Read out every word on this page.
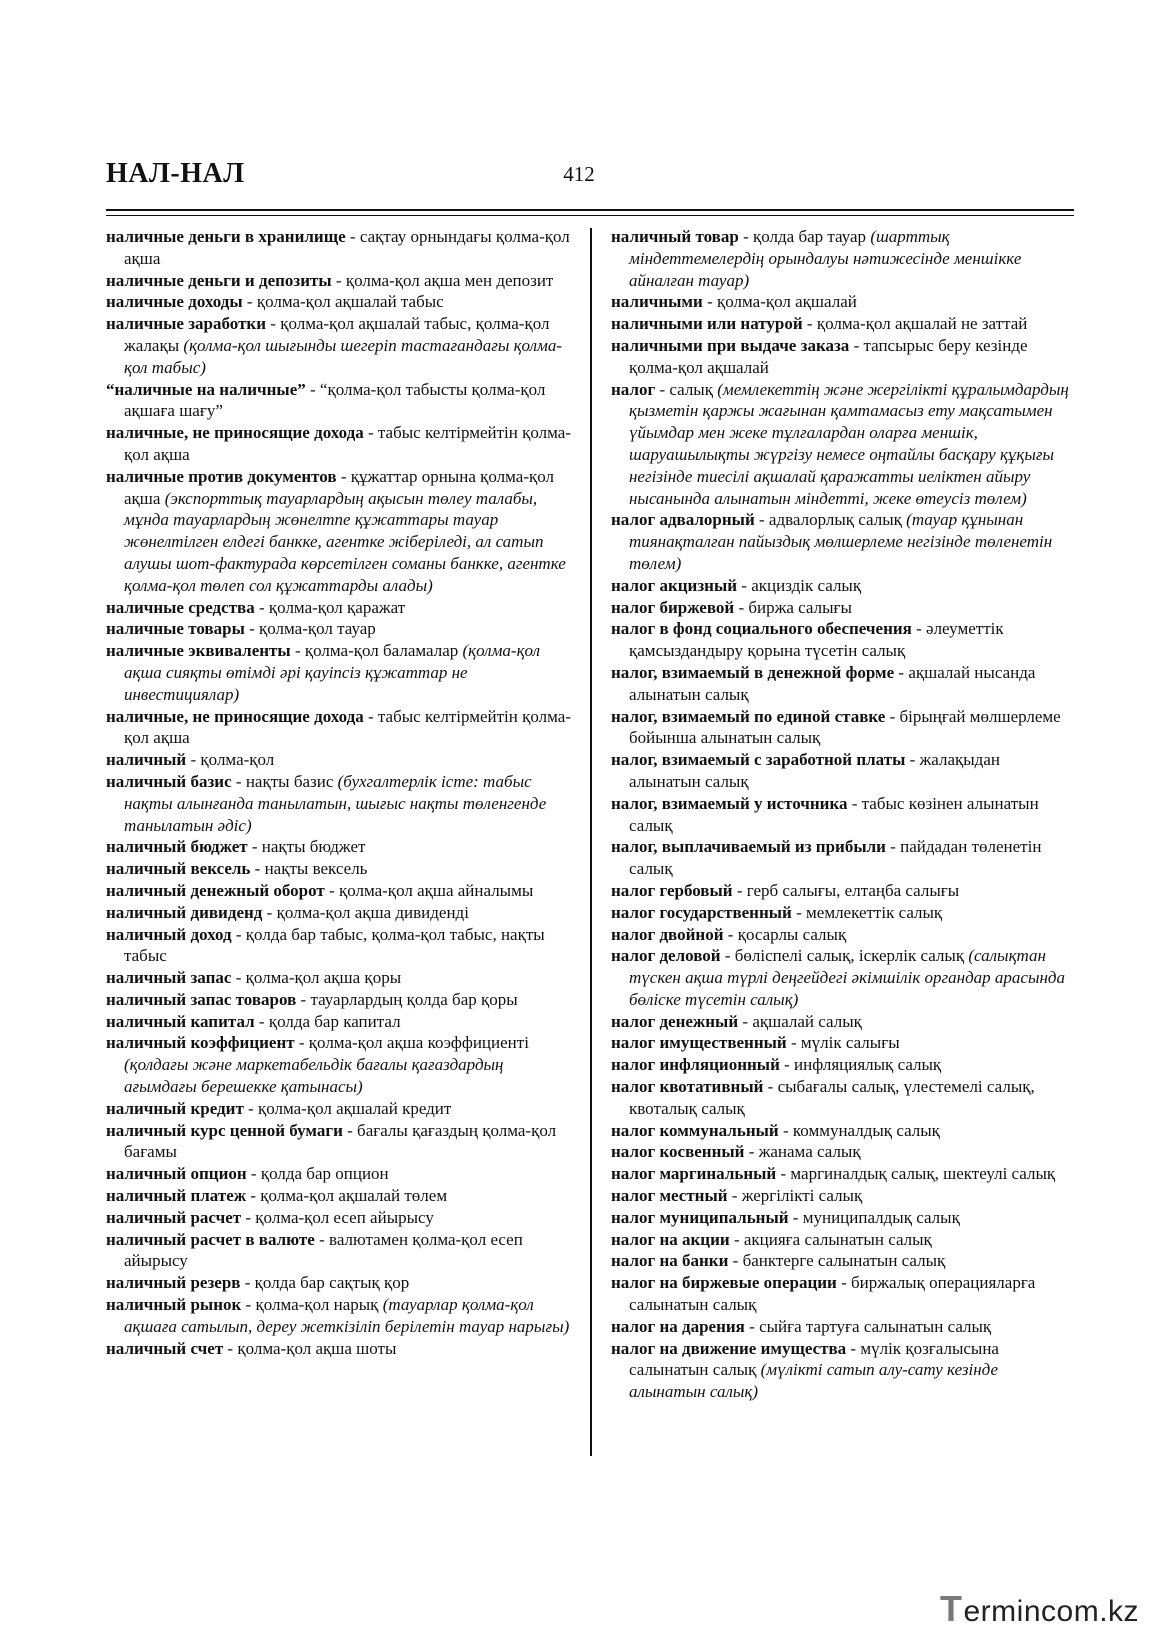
НАЛ-НАЛ	412

наличные деньги в хранилище - сақтау орнындағы қолма-қол ақша

наличные деньги и депозиты - қолма-қол ақша мен депозит

наличные доходы - қолма-қол ақшалай табыс

наличные заработки - қолма-қол ақшалай табыс, қолма-қол жалақы (қолма-қол шығынды шегеріп тастағандағы қолма-қол табыс)

“наличные на наличные” - “қолма-қол табысты қолма-қол ақшаға шағу”

наличные, не приносящие дохода - табыс келтірмейтін қолма-қол ақша

наличные против документов - құжаттар орнына қолма-қол ақша (экспорттық тауарлардың ақысын төлеу талабы, мұнда тауарлардың жөнелтпе құжаттары тауар жөнелтілген елдегі банкке, агентке жіберіледі, ал сатып алушы шот-фактурада көрсетілген соманы банкке, агентке қолма-қол төлеп сол құжаттарды алады)

наличные средства - қолма-қол қаражат

наличные товары - қолма-қол тауар

наличные эквиваленты - қолма-қол баламалар (қолма-қол ақша сияқты өтімді әрі қауіпсіз құжаттар не инвестициялар)

наличные, не приносящие дохода - табыс келтірмейтін қолма-қол ақша

наличный - қолма-қол

наличный базис - нақты базис (бухгалтерлік істе: табыс нақты алынғанда танылатын, шығыс нақты төленгенде танылатын әдіс)

наличный бюджет - нақты бюджет

наличный вексель - нақты вексель

наличный денежный оборот - қолма-қол ақша айналымы

наличный дивиденд - қолма-қол ақша дивиденді

наличный доход - қолда бар табыс, қолма-қол табыс, нақты табыс

наличный запас - қолма-қол ақша қоры

наличный запас товаров - тауарлардың қолда бар қоры

наличный капитал - қолда бар капитал

наличный коэффициент - қолма-қол ақша коэффициенті (қолдағы және маркетабельдік бағалы қағаздардың ағымдағы берешекке қатынасы)

наличный кредит - қолма-қол ақшалай кредит

наличный курс ценной бумаги - бағалы қағаздың қолма-қол бағамы

наличный опцион - қолда бар опцион

наличный платеж - қолма-қол ақшалай төлем

наличный расчет - қолма-қол есеп айырысу

наличный расчет в валюте - валютамен қолма-қол есеп айырысу

наличный резерв - қолда бар сақтық қор

наличный рынок - қолма-қол нарық (тауарлар қолма-қол ақшаға сатылып, дереу жеткізіліп берілетін тауар нарығы)

наличный счет - қолма-қол ақша шоты

наличный товар - қолда бар тауар (шарттық міндеттемелердің орындалуы нәтижесінде меншікке айналған тауар)

наличными - қолма-қол ақшалай

наличными или натурой - қолма-қол ақшалай не заттай

наличными при выдаче заказа - тапсырыс беру кезінде қолма-қол ақшалай

налог - салық (мемлекеттің және жергілікті құралымдардың қызметін қаржы жағынан қамтамасыз ету мақсатымен үйымдар мен жеке тұлғалардан оларға меншік, шаруашылықты жүргізу немесе оңтайлы басқару құқығы негізінде тиесілі ақшалай қаражатты иеліктен айыру нысанында алынатын міндетті, жеке өтеусіз төлем)

налог адвалорный - адвалорлық салық (тауар құнынан тиянақталған пайыздық мөлшерлеме негізінде төленетін төлем)

налог акцизный - акциздік салық

налог биржевой - биржа салығы

налог в фонд социального обеспечения - әлеуметтік қамсыздандыру қорына түсетін салық

налог, взимаемый в денежной форме - ақшалай нысанда алынатын салық

налог, взимаемый по единой ставке - бірыңғай мөлшерлеме бойынша алынатын салық

налог, взимаемый с заработной платы - жалақыдан алынатын салық

налог, взимаемый у источника - табыс көзінен алынатын салық

налог, выплачиваемый из прибыли - пайдадан төленетін салық

налог гербовый - герб салығы, елтаңба салығы

налог государственный - мемлекеттік салық

налог двойной - қосарлы салық

налог деловой - бөліспелі салық, іскерлік салық (салықтан түскен ақша түрлі деңгейдегі әкімшілік органдар арасында бөліске түсетін салық)

налог денежный - ақшалай салық

налог имущественный - мүлік салығы

налог инфляционный - инфляциялық салық

налог квотативный - сыбағалы салық, үлестемелі салық, квоталық салық

налог коммунальный - коммуналдық салық

налог косвенный - жанама салық

налог маргинальный - маргиналдық салық, шектеулі салық

налог местный - жергілікті салық

налог муниципальный - муниципалдық салық

налог на акции - акцияға салынатын салық

налог на банки - банктерге салынатын салық

налог на биржевые операции - биржалық операцияларға салынатын салық

налог на дарения - сыйға тартуға салынатын салық

налог на движение имущества - мүлік қозғалысына салынатын салық (мүлікті сатып алу-сату кезінде алынатын салық)

Termincom.kz
